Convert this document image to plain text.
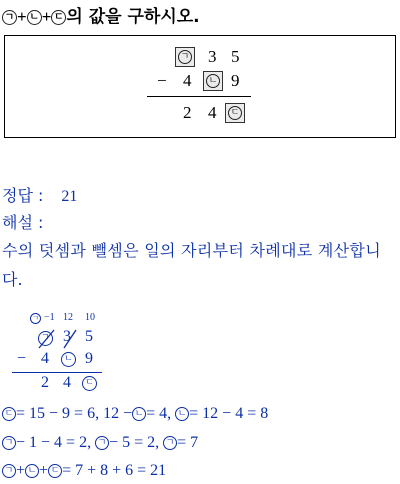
ㄱ + ㄴ + ㄷ 의 값을 구하시오.
ㄱ 3 5
− 4 ㄴ 9
2 4 ㄷ
정답 : 21
해설 :
수의 덧셈과 뺄셈은 일의 자리부터 차례대로 계산합니
다.
ㄱ −1 12 10
ㄱ 3 5
− 4	ㄴ 9
2 4	ㄷ
ㄷ = 15 − 9 = 6, 12 − ㄴ = 4, ㄴ = 12 − 4 = 8
ㄱ − 1 − 4 = 2, ㄱ − 5 = 2, ㄱ = 7
ㄱ + ㄴ + ㄷ = 7 + 8 + 6 = 21
